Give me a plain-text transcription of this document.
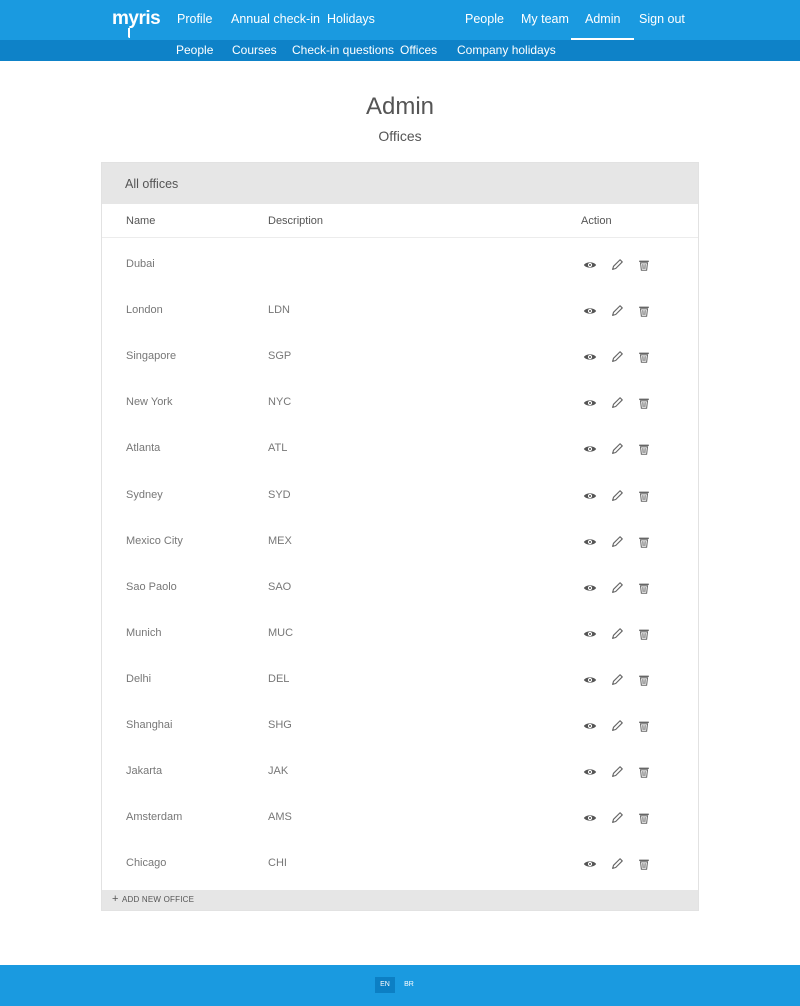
myris Profile Annual check-in Holidays	People My team Admin Sign out
People Courses Check-in questions Offices Company holidays
Admin
Offices
All offices
Name	Description	Action
Dubai
London	LDN
Singapore	SGP
New York	NYC
Atlanta	ATL
Sydney	SYD
Mexico City	MEX
Sao Paolo	SAO
Munich	MUC
Delhi	DEL
Shanghai	SHG
Jakarta	JAK
Amsterdam	AMS
Chicago	CHI
+ ADD NEW OFFICE
EN	BR
